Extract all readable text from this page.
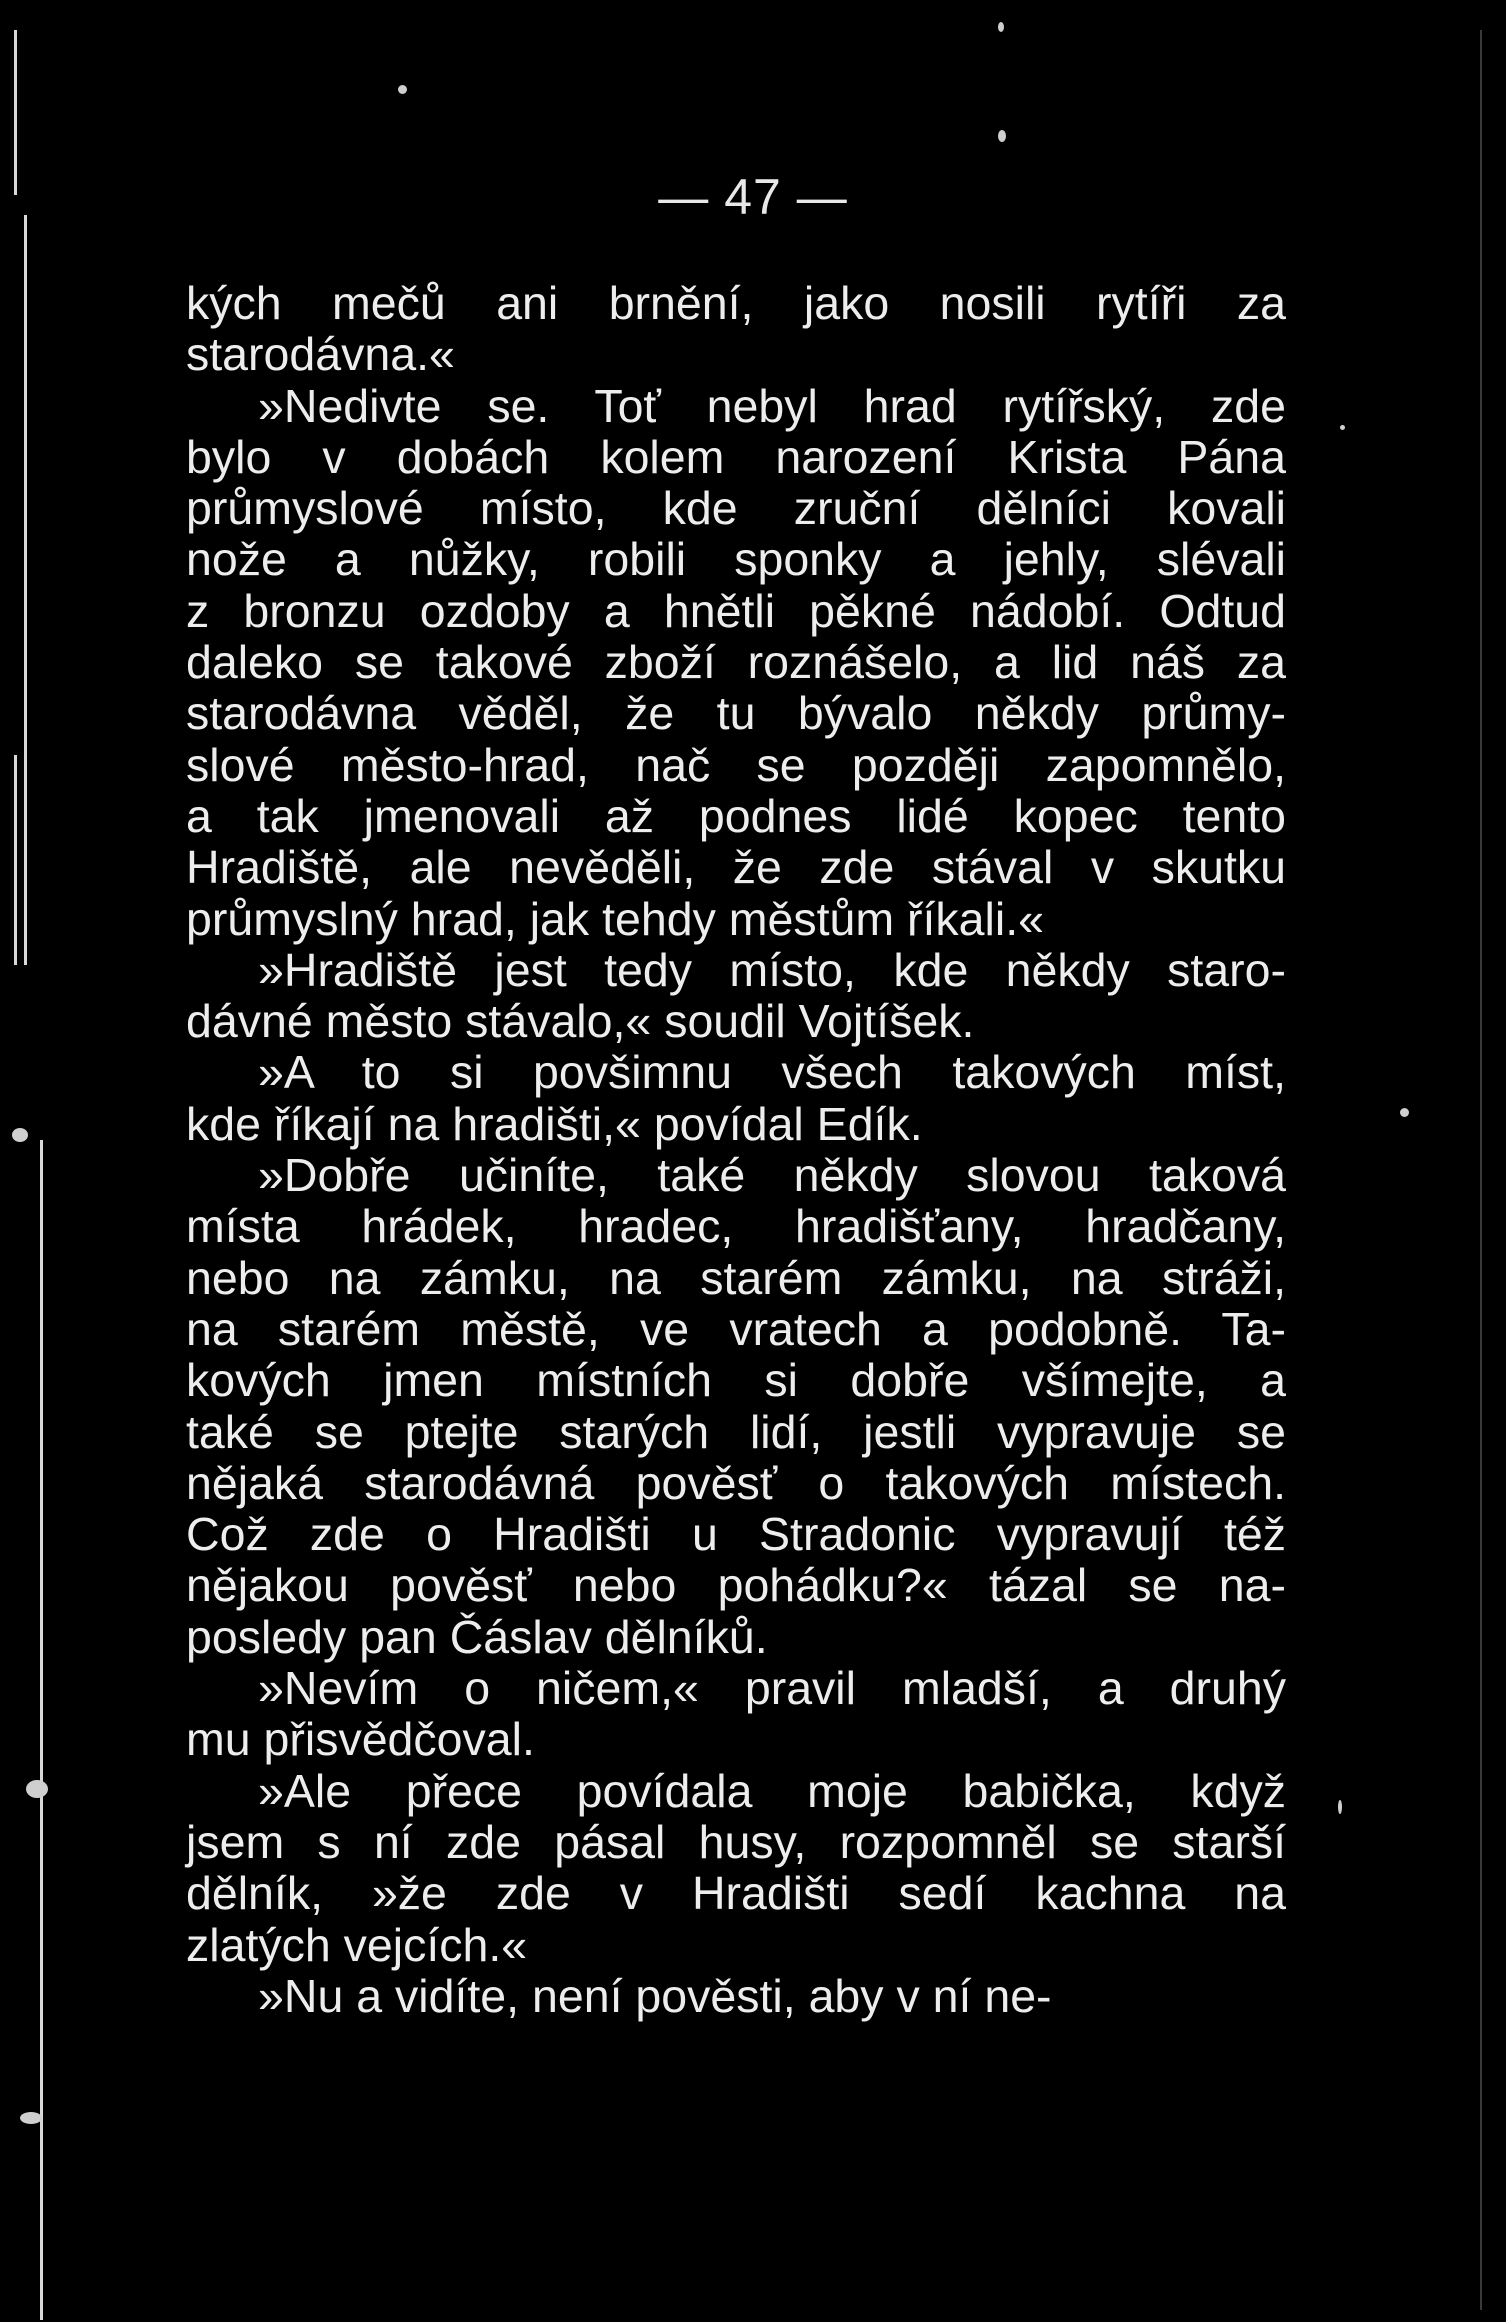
— 47 —
kých mečů ani brnění, jako nosili rytíři za
starodávna.«
»Nedivte se. Toť nebyl hrad rytířský, zde
bylo v dobách kolem narození Krista Pána
průmyslové místo, kde zruční dělníci kovali
nože a nůžky, robili sponky a jehly, slévali
z bronzu ozdoby a hnětli pěkné nádobí. Odtud
daleko se takové zboží roznášelo, a lid náš za
starodávna věděl, že tu bývalo někdy průmy-
slové město-hrad, nač se později zapomnělo,
a tak jmenovali až podnes lidé kopec tento
Hradiště, ale nevěděli, že zde stával v skutku
průmyslný hrad, jak tehdy městům říkali.«
»Hradiště jest tedy místo, kde někdy staro-
dávné město stávalo,« soudil Vojtíšek.
»A to si povšimnu všech takových míst,
kde říkají na hradišti,« povídal Edík.
»Dobře učiníte, také někdy slovou taková
místa hrádek, hradec, hradišťany, hradčany,
nebo na zámku, na starém zámku, na stráži,
na starém městě, ve vratech a podobně. Ta-
kových jmen místních si dobře všímejte, a
také se ptejte starých lidí, jestli vypravuje se
nějaká starodávná pověsť o takových místech.
Což zde o Hradišti u Stradonic vypravují též
nějakou pověsť nebo pohádku?« tázal se na-
posledy pan Čáslav dělníků.
»Nevím o ničem,« pravil mladší, a druhý
mu přisvědčoval.
»Ale přece povídala moje babička, když
jsem s ní zde pásal husy, rozpomněl se starší
dělník, »že zde v Hradišti sedí kachna na
zlatých vejcích.«
»Nu a vidíte, není pověsti, aby v ní ne-
